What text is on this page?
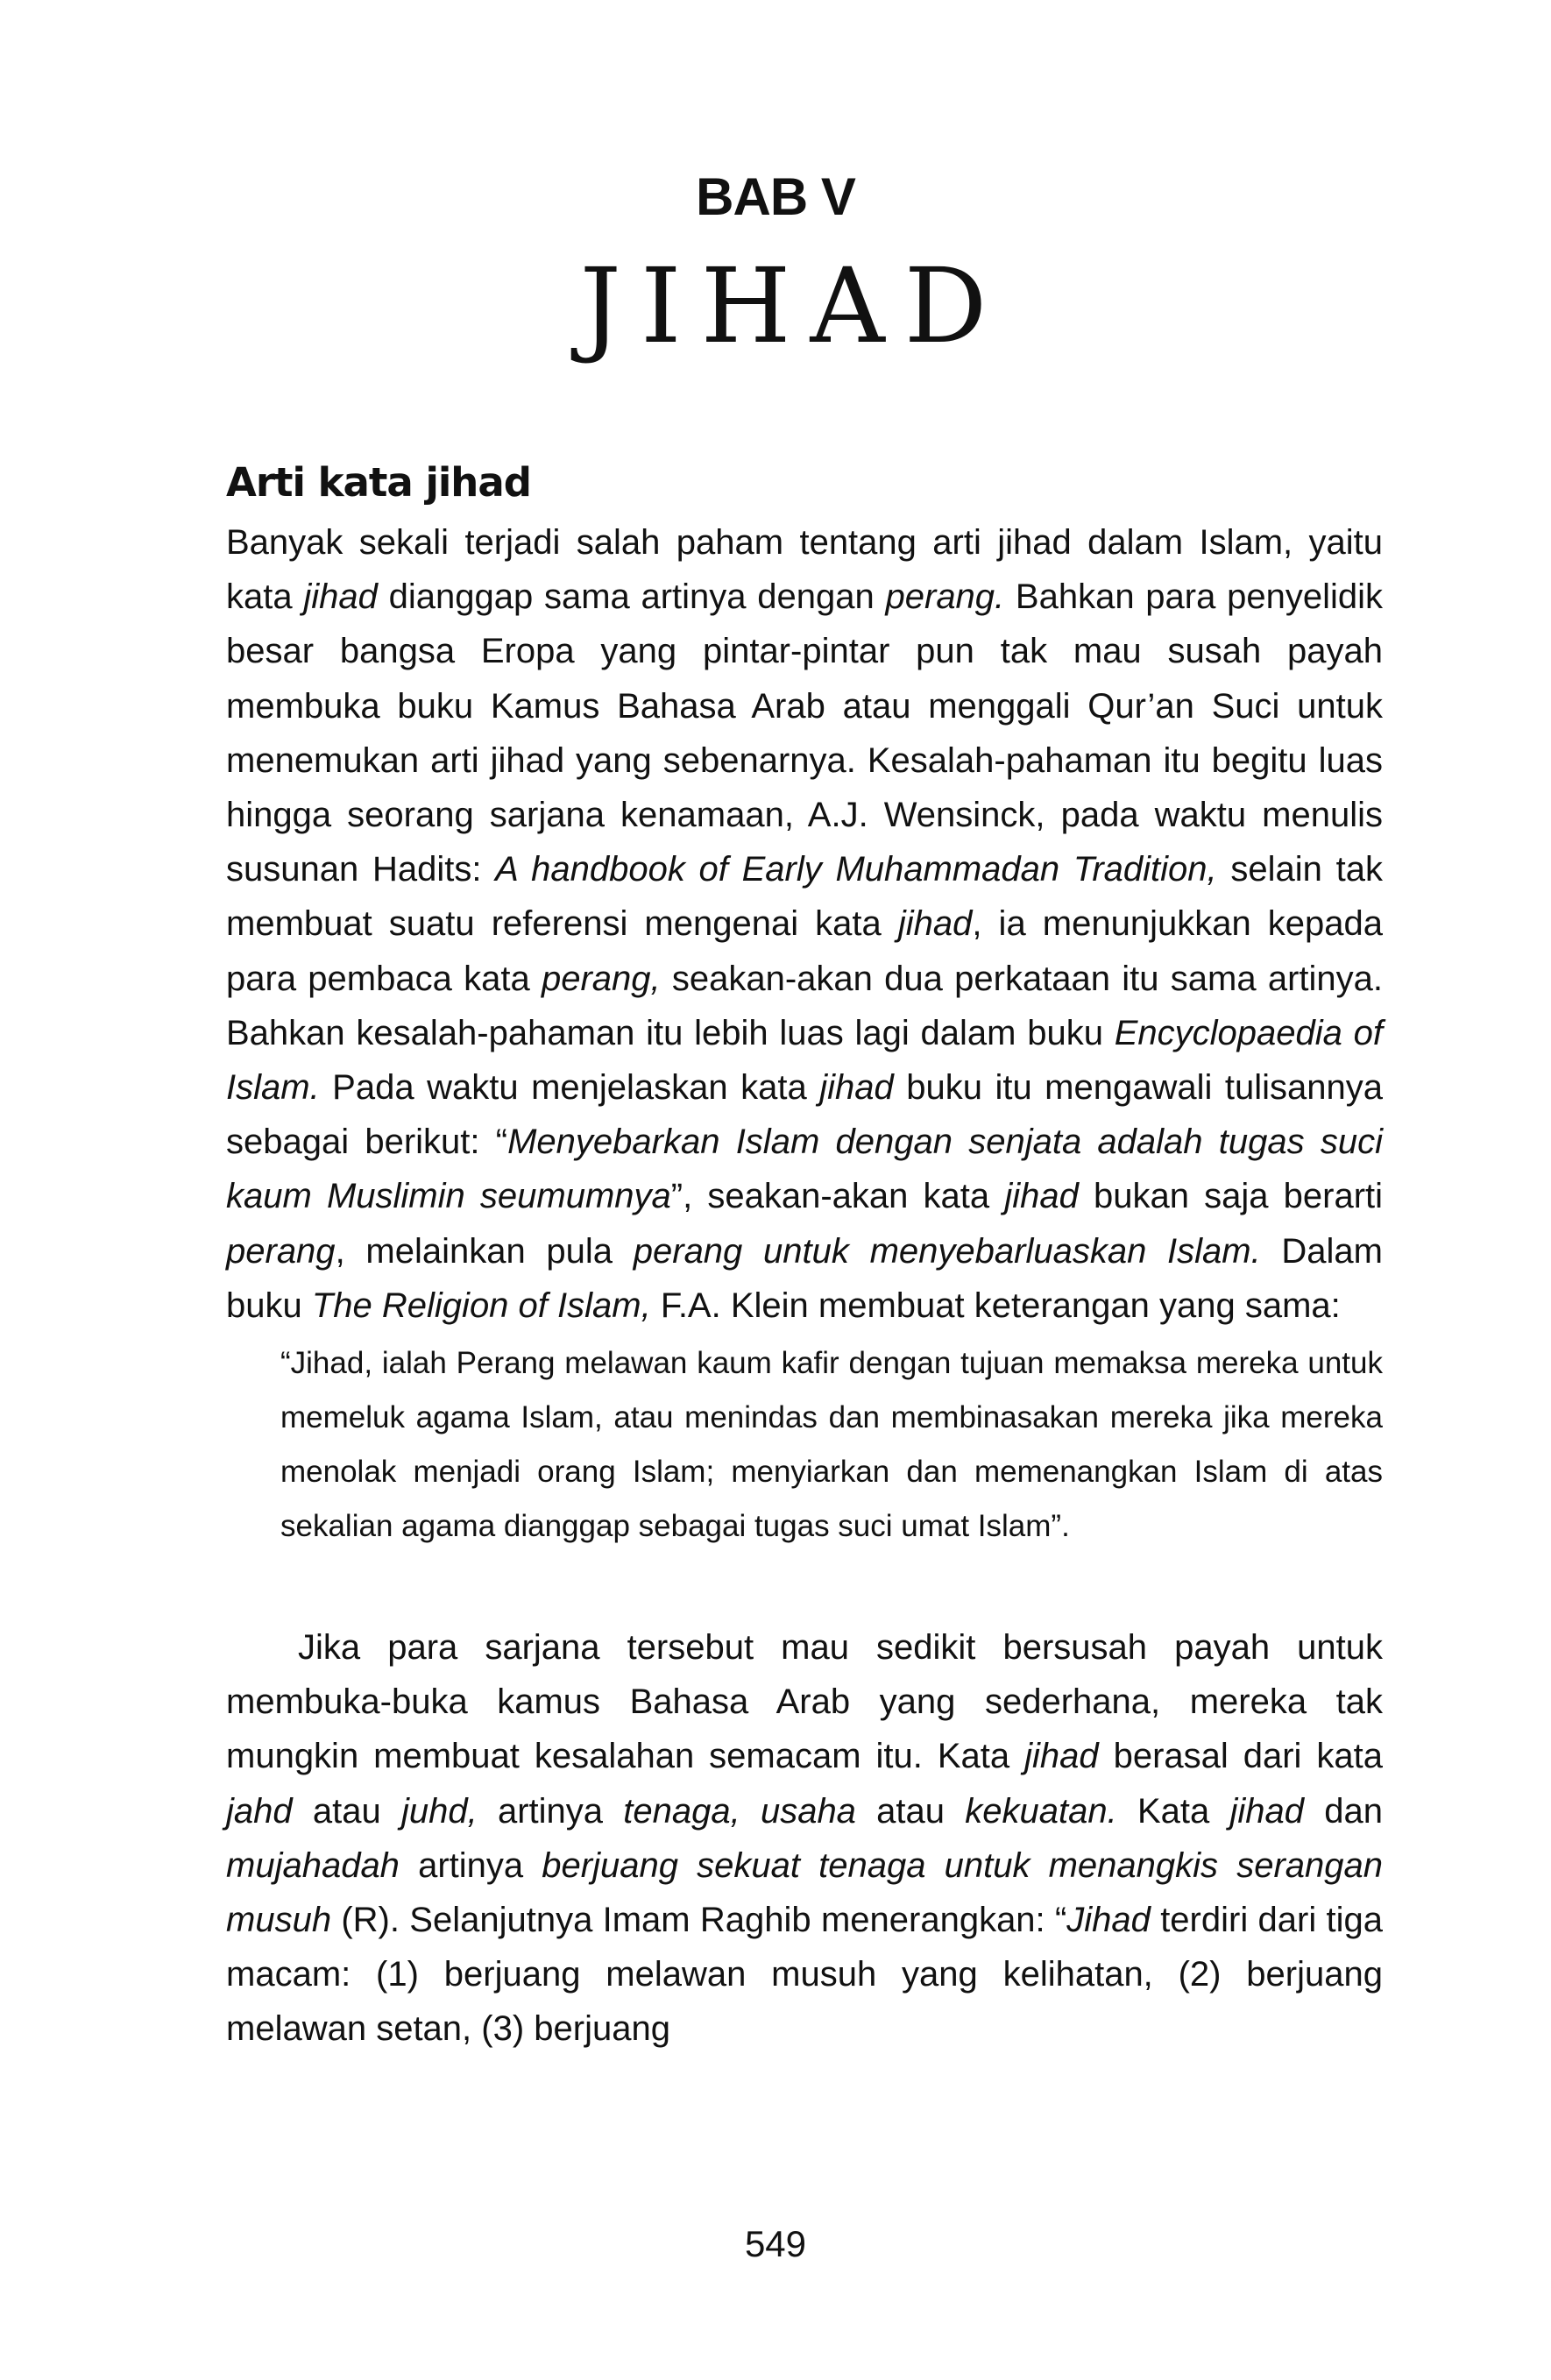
BAB V
JIHAD
Arti kata jihad

Banyak sekali terjadi salah paham tentang arti jihad dalam Islam, yaitu kata jihad dianggap sama artinya dengan perang. Bahkan para penyelidik besar bangsa Eropa yang pintar-pintar pun tak mau susah payah membuka buku Kamus Bahasa Arab atau menggali Qur’an Suci untuk menemukan arti jihad yang sebenarnya. Kesalah-pahaman itu begitu luas hingga seorang sarjana kenamaan, A.J. Wensinck, pada waktu menulis susunan Hadits: A handbook of Early Muhammadan Tradition, selain tak membuat suatu referensi mengenai kata jihad, ia menunjukkan kepada para pembaca kata perang, seakan-akan dua perkataan itu sama artinya. Bahkan kesalah-pahaman itu lebih luas lagi dalam buku Encyclopaedia of Islam. Pada waktu menjelaskan kata jihad buku itu mengawali tulisannya sebagai berikut: “Menyebarkan Islam dengan senjata adalah tugas suci kaum Muslimin seumumnya”, seakan-akan kata jihad bukan saja berarti perang, melainkan pula perang untuk menyebarluaskan Islam. Dalam buku The Religion of Islam, F.A. Klein membuat keterangan yang sama:

“Jihad, ialah Perang melawan kaum kafir dengan tujuan memaksa mereka untuk memeluk agama Islam, atau menindas dan membinasakan mereka jika mereka menolak menjadi orang Islam; menyiarkan dan memenangkan Islam di atas sekalian agama dianggap sebagai tugas suci umat Islam”.

Jika para sarjana tersebut mau sedikit bersusah payah untuk membuka-buka kamus Bahasa Arab yang sederhana, mereka tak mungkin membuat kesalahan semacam itu. Kata jihad berasal dari kata jahd atau juhd, artinya tenaga, usaha atau kekuatan. Kata jihad dan mujahadah artinya berjuang sekuat tenaga untuk menangkis serangan musuh (R). Selanjutnya Imam Raghib menerangkan: “Jihad terdiri dari tiga macam: (1) berjuang melawan musuh yang kelihatan, (2) berjuang melawan setan, (3) berjuang

549
